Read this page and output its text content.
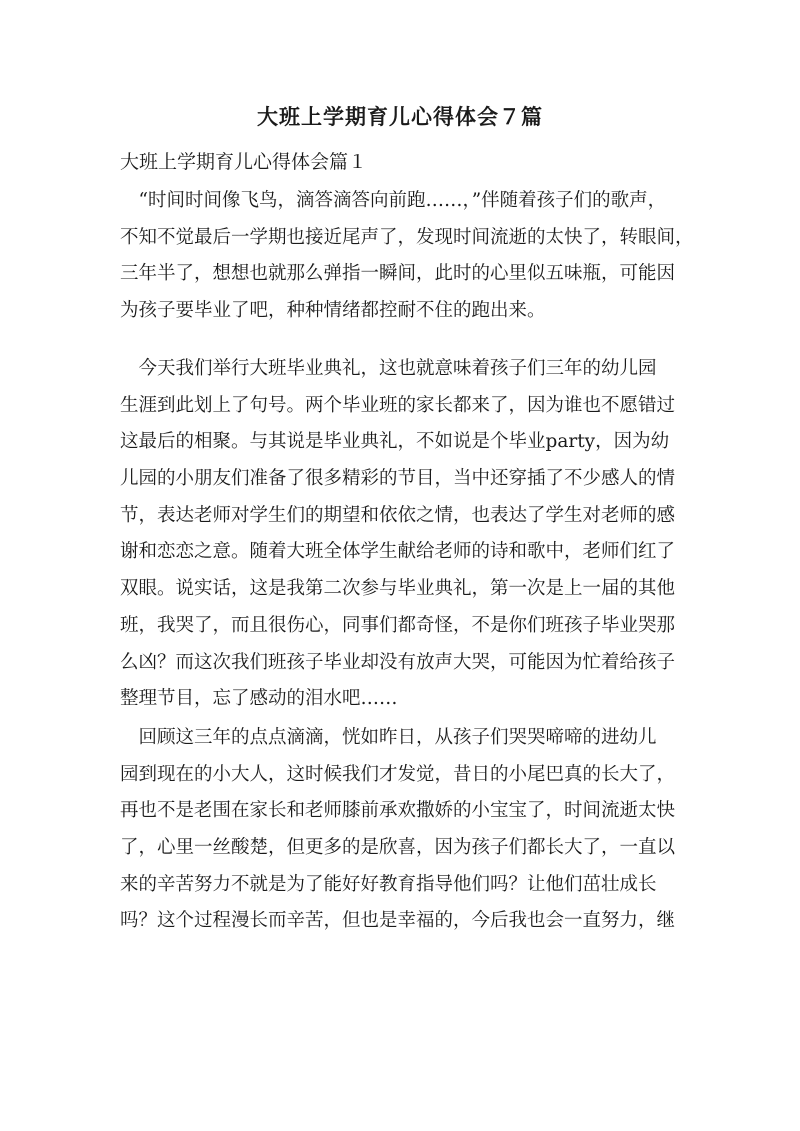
大班上学期育儿心得体会７篇
大班上学期育儿心得体会篇１
　“时间时间像飞鸟，滴答滴答向前跑……，”伴随着孩子们的歌声，
不知不觉最后一学期也接近尾声了，发现时间流逝的太快了，转眼间，
三年半了，想想也就那么弹指一瞬间，此时的心里似五味瓶，可能因
为孩子要毕业了吧，种种情绪都控耐不住的跑出来。
　今天我们举行大班毕业典礼，这也就意味着孩子们三年的幼儿园
生涯到此划上了句号。两个毕业班的家长都来了，因为谁也不愿错过
这最后的相聚。与其说是毕业典礼，不如说是个毕业party，因为幼
儿园的小朋友们准备了很多精彩的节目，当中还穿插了不少感人的情
节，表达老师对学生们的期望和依依之情，也表达了学生对老师的感
谢和恋恋之意。随着大班全体学生献给老师的诗和歌中，老师们红了
双眼。说实话，这是我第二次参与毕业典礼，第一次是上一届的其他
班，我哭了，而且很伤心，同事们都奇怪，不是你们班孩子毕业哭那
么凶？而这次我们班孩子毕业却没有放声大哭，可能因为忙着给孩子
整理节目，忘了感动的泪水吧……
　回顾这三年的点点滴滴，恍如昨日，从孩子们哭哭啼啼的进幼儿
园到现在的小大人，这时候我们才发觉，昔日的小尾巴真的长大了，
再也不是老围在家长和老师膝前承欢撒娇的小宝宝了，时间流逝太快
了，心里一丝酸楚，但更多的是欣喜，因为孩子们都长大了，一直以
来的辛苦努力不就是为了能好好教育指导他们吗？让他们茁壮成长
吗？这个过程漫长而辛苦，但也是幸福的，今后我也会一直努力，继
